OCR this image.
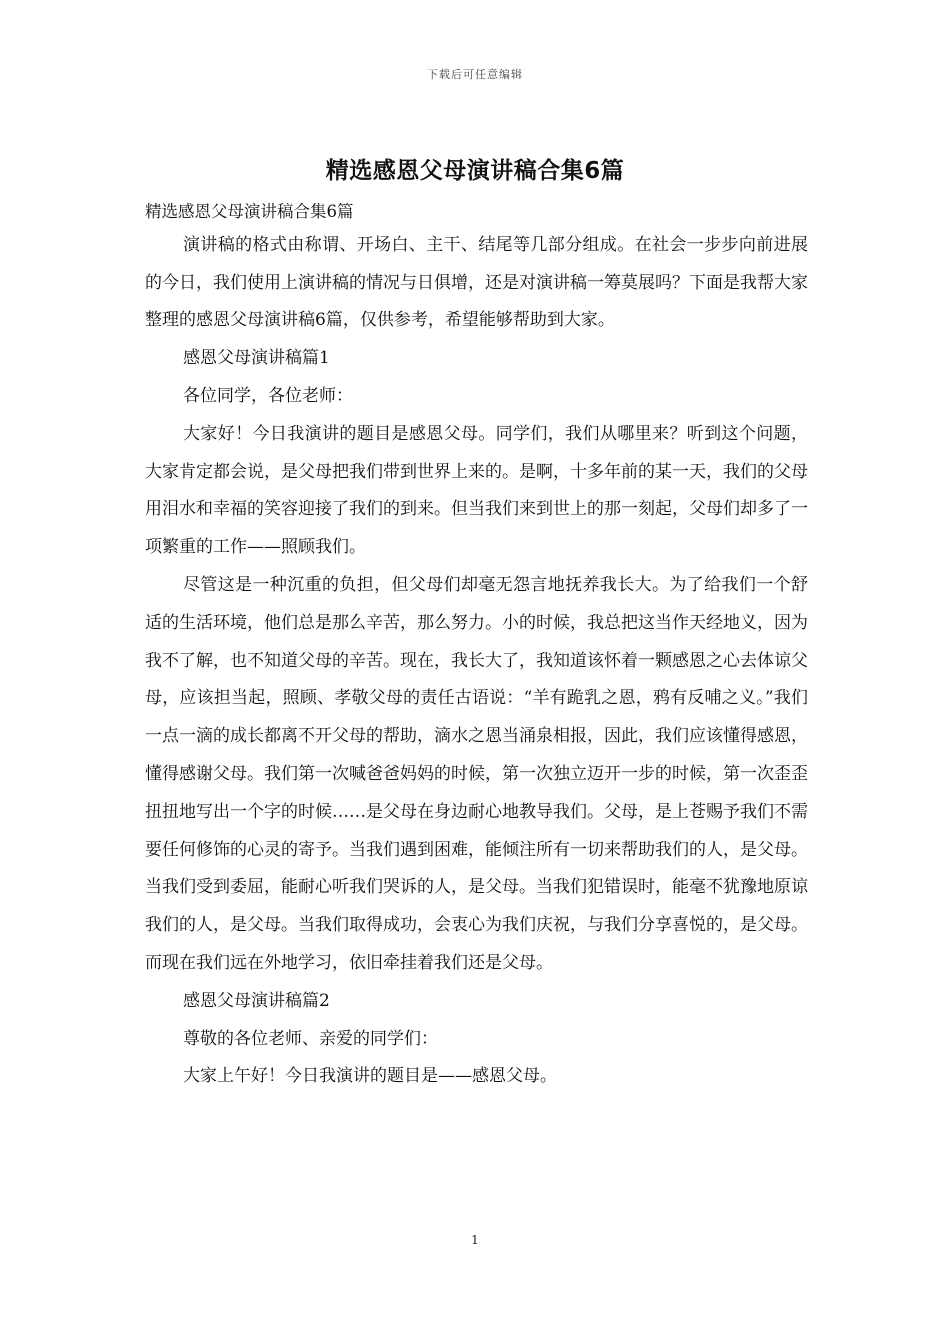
下载后可任意编辑
精选感恩父母演讲稿合集6篇

精选感恩父母演讲稿合集6篇

演讲稿的格式由称谓、开场白、主干、结尾等几部分组成。在社会一步步向前进展的今日，我们使用上演讲稿的情况与日俱增，还是对演讲稿一筹莫展吗？下面是我帮大家整理的感恩父母演讲稿6篇，仅供参考，希望能够帮助到大家。

感恩父母演讲稿篇1

各位同学，各位老师：

大家好！今日我演讲的题目是感恩父母。同学们，我们从哪里来？听到这个问题，大家肯定都会说，是父母把我们带到世界上来的。是啊，十多年前的某一天，我们的父母用泪水和幸福的笑容迎接了我们的到来。但当我们来到世上的那一刻起，父母们却多了一项繁重的工作——照顾我们。

尽管这是一种沉重的负担，但父母们却毫无怨言地抚养我长大。为了给我们一个舒适的生活环境，他们总是那么辛苦，那么努力。小的时候，我总把这当作天经地义，因为我不了解，也不知道父母的辛苦。现在，我长大了，我知道该怀着一颗感恩之心去体谅父母，应该担当起，照顾、孝敬父母的责任古语说：“羊有跪乳之恩，鸦有反哺之义。”我们一点一滴的成长都离不开父母的帮助，滴水之恩当涌泉相报，因此，我们应该懂得感恩，懂得感谢父母。我们第一次喊爸爸妈妈的时候，第一次独立迈开一步的时候，第一次歪歪扭扭地写出一个字的时候……是父母在身边耐心地教导我们。父母，是上苍赐予我们不需要任何修饰的心灵的寄予。当我们遇到困难，能倾注所有一切来帮助我们的人，是父母。当我们受到委屈，能耐心听我们哭诉的人，是父母。当我们犯错误时，能毫不犹豫地原谅我们的人，是父母。当我们取得成功，会衷心为我们庆祝，与我们分享喜悦的，是父母。而现在我们远在外地学习，依旧牵挂着我们还是父母。

感恩父母演讲稿篇2

尊敬的各位老师、亲爱的同学们：

大家上午好！今日我演讲的题目是——感恩父母。

1
